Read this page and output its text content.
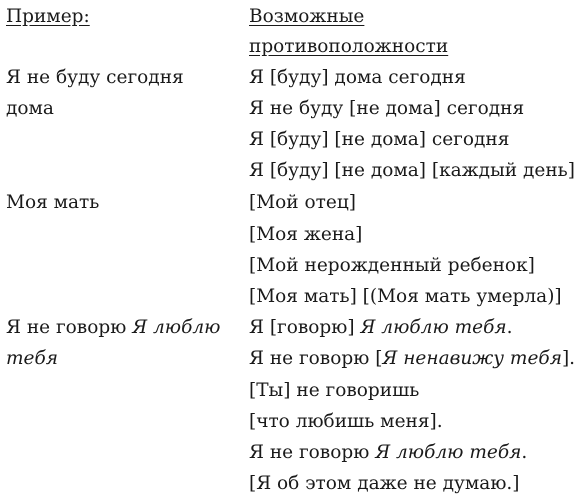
Пример:	Возможные
противоположности
Я не буду сегодня
дома
Я [буду] дома сегодня
Я не буду [не дома] сегодня
Я [буду] [не дома] сегодня
Я [буду] [не дома] [каждый день]
Моя мать	[Мой отец]
[Моя жена]
[Мой нерожденный ребенок]
[Моя мать] [(Моя мать умерла)]
Я не говорю Я люблю
тебя
Я [говорю] Я люблю тебя.
Я не говорю [Я ненавижу тебя].
[Ты] не говоришь
[что любишь меня].
Я не говорю Я люблю тебя.
[Я об этом даже не думаю.]
